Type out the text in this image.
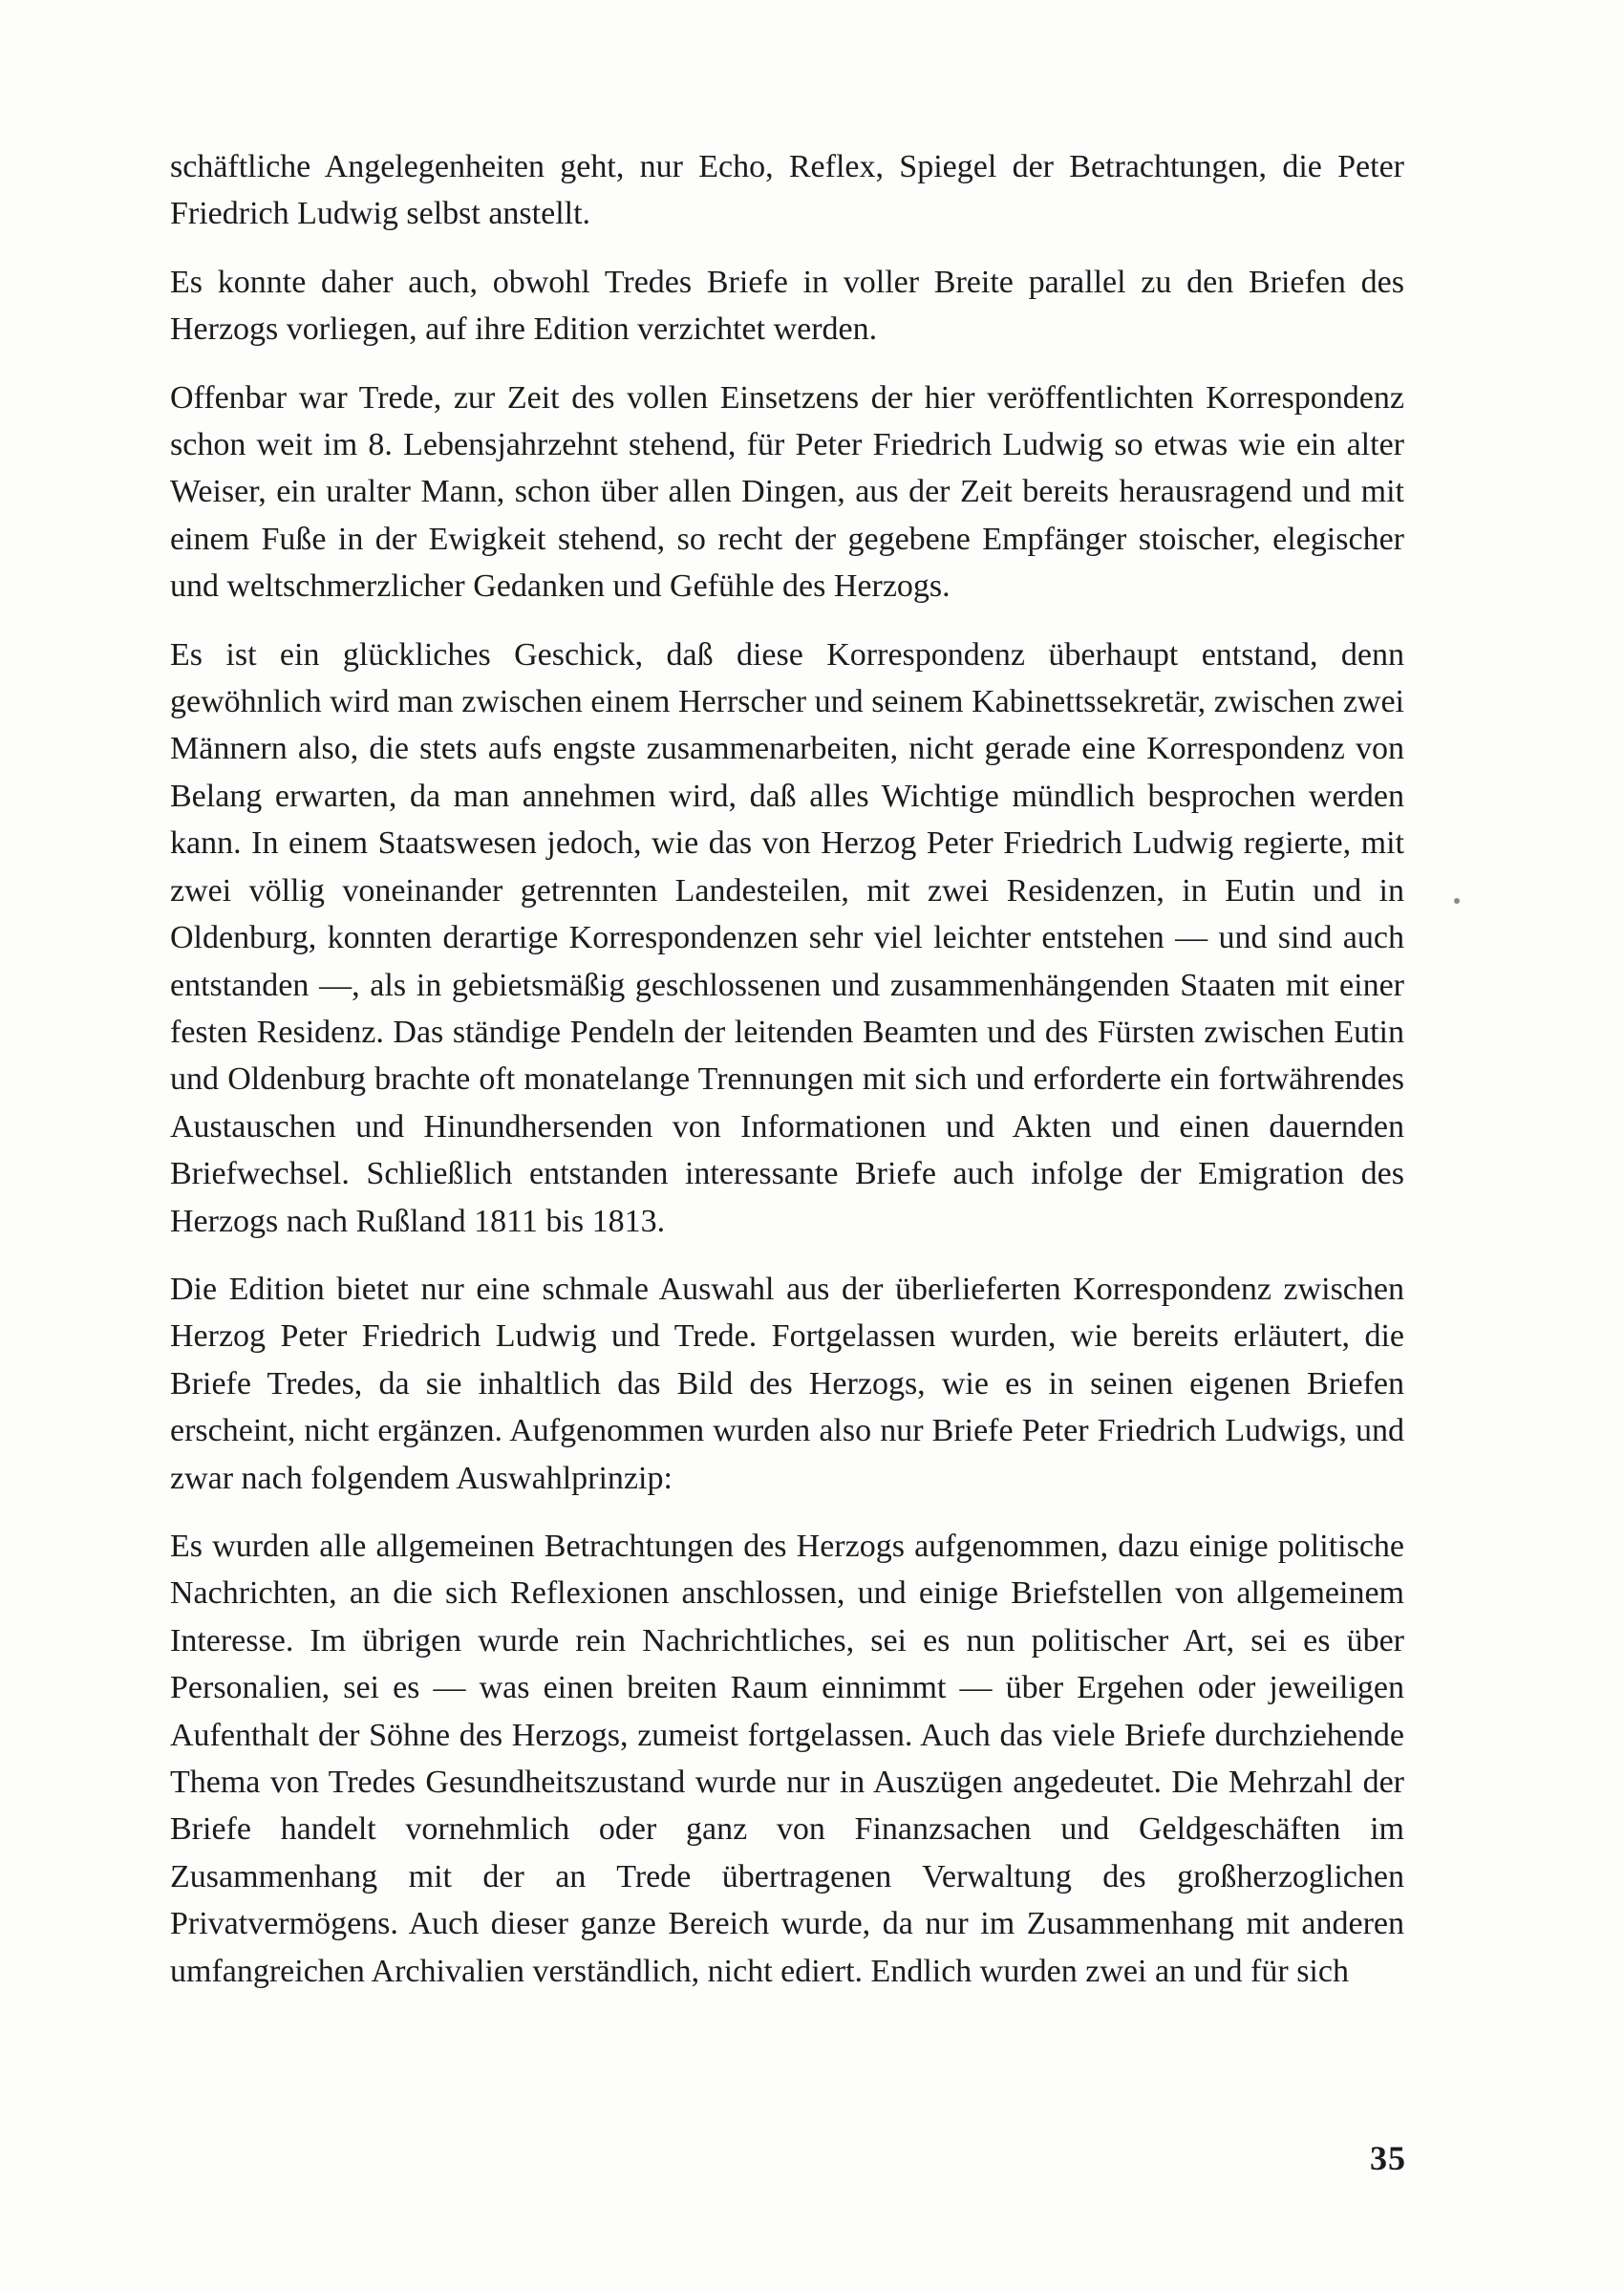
schäftliche Angelegenheiten geht, nur Echo, Reflex, Spiegel der Betrachtungen, die Peter Friedrich Ludwig selbst anstellt.

Es konnte daher auch, obwohl Tredes Briefe in voller Breite parallel zu den Briefen des Herzogs vorliegen, auf ihre Edition verzichtet werden.

Offenbar war Trede, zur Zeit des vollen Einsetzens der hier veröffentlichten Korrespondenz schon weit im 8. Lebensjahrzehnt stehend, für Peter Friedrich Ludwig so etwas wie ein alter Weiser, ein uralter Mann, schon über allen Dingen, aus der Zeit bereits herausragend und mit einem Fuße in der Ewigkeit stehend, so recht der gegebene Empfänger stoischer, elegischer und weltschmerzlicher Gedanken und Gefühle des Herzogs.

Es ist ein glückliches Geschick, daß diese Korrespondenz überhaupt entstand, denn gewöhnlich wird man zwischen einem Herrscher und seinem Kabinettssekretär, zwischen zwei Männern also, die stets aufs engste zusammenarbeiten, nicht gerade eine Korrespondenz von Belang erwarten, da man annehmen wird, daß alles Wichtige mündlich besprochen werden kann. In einem Staatswesen jedoch, wie das von Herzog Peter Friedrich Ludwig regierte, mit zwei völlig voneinander getrennten Landesteilen, mit zwei Residenzen, in Eutin und in Oldenburg, konnten derartige Korrespondenzen sehr viel leichter entstehen — und sind auch entstanden —, als in gebietsmäßig geschlossenen und zusammenhängenden Staaten mit einer festen Residenz. Das ständige Pendeln der leitenden Beamten und des Fürsten zwischen Eutin und Oldenburg brachte oft monatelange Trennungen mit sich und erforderte ein fortwährendes Austauschen und Hinundhersenden von Informationen und Akten und einen dauernden Briefwechsel. Schließlich entstanden interessante Briefe auch infolge der Emigration des Herzogs nach Rußland 1811 bis 1813.

Die Edition bietet nur eine schmale Auswahl aus der überlieferten Korrespondenz zwischen Herzog Peter Friedrich Ludwig und Trede. Fortgelassen wurden, wie bereits erläutert, die Briefe Tredes, da sie inhaltlich das Bild des Herzogs, wie es in seinen eigenen Briefen erscheint, nicht ergänzen. Aufgenommen wurden also nur Briefe Peter Friedrich Ludwigs, und zwar nach folgendem Auswahlprinzip:

Es wurden alle allgemeinen Betrachtungen des Herzogs aufgenommen, dazu einige politische Nachrichten, an die sich Reflexionen anschlossen, und einige Briefstellen von allgemeinem Interesse. Im übrigen wurde rein Nachrichtliches, sei es nun politischer Art, sei es über Personalien, sei es — was einen breiten Raum einnimmt — über Ergehen oder jeweiligen Aufenthalt der Söhne des Herzogs, zumeist fortgelassen. Auch das viele Briefe durchziehende Thema von Tredes Gesundheitszustand wurde nur in Auszügen angedeutet. Die Mehrzahl der Briefe handelt vornehmlich oder ganz von Finanzsachen und Geldgeschäften im Zusammenhang mit der an Trede übertragenen Verwaltung des großherzoglichen Privatvermögens. Auch dieser ganze Bereich wurde, da nur im Zusammenhang mit anderen umfangreichen Archivalien verständlich, nicht ediert. Endlich wurden zwei an und für sich

35
